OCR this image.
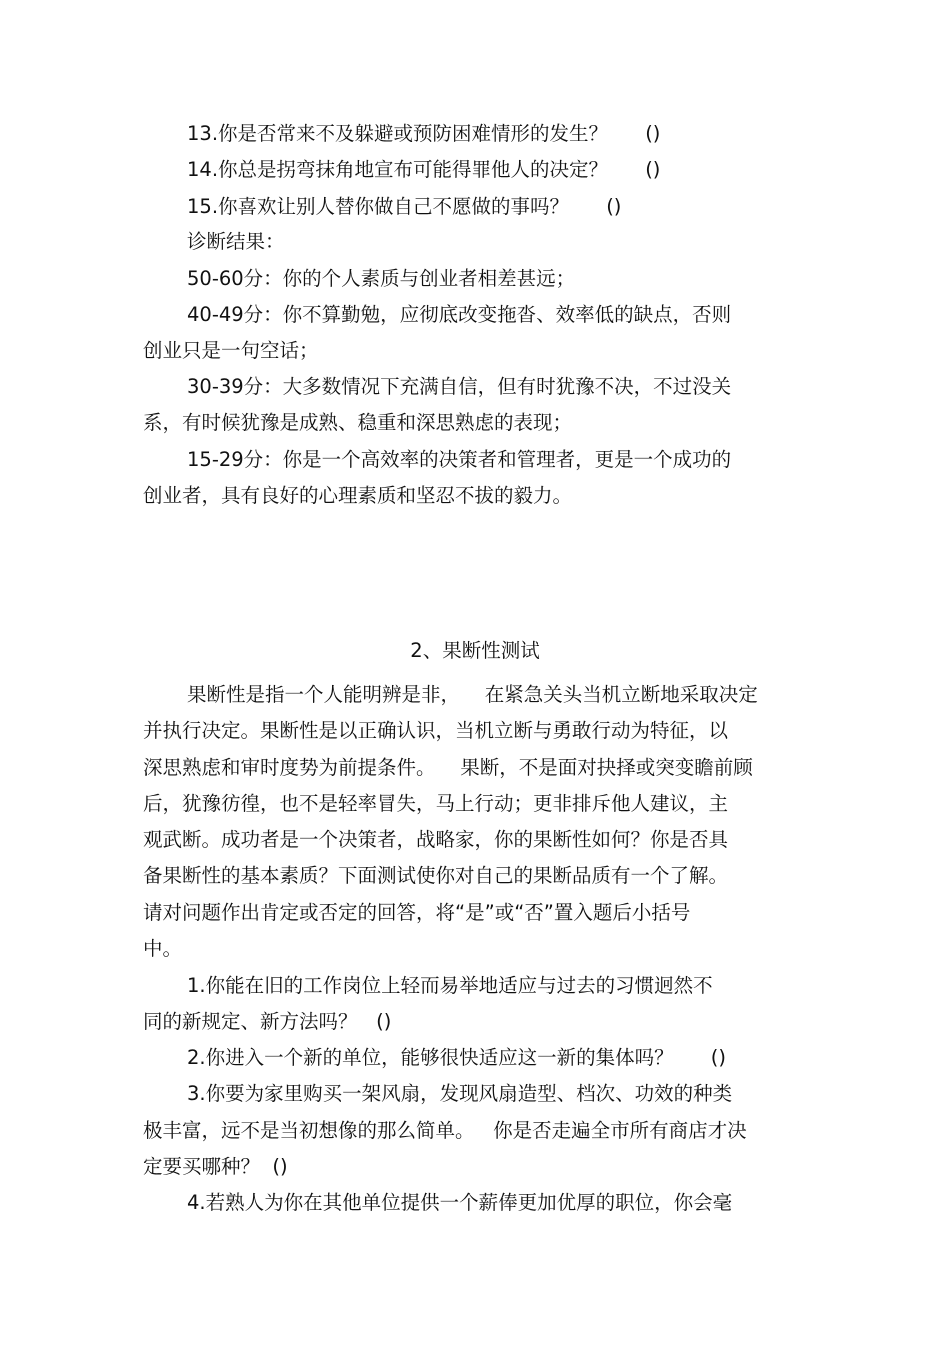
13.你是否常来不及躲避或预防困难情形的发生？      ()
14.你总是拐弯抹角地宣布可能得罪他人的决定？      ()
15.你喜欢让别人替你做自己不愿做的事吗？      ()
诊断结果：
50-60分：你的个人素质与创业者相差甚远；
40-49分：你不算勤勉，应彻底改变拖沓、效率低的缺点，否则
创业只是一句空话；
30-39分：大多数情况下充满自信，但有时犹豫不决，不过没关
系，有时候犹豫是成熟、稳重和深思熟虑的表现；
15-29分：你是一个高效率的决策者和管理者，更是一个成功的
创业者，具有良好的心理素质和坚忍不拔的毅力。
2、果断性测试
果断性是指一个人能明辨是非，    在紧急关头当机立断地采取决定
并执行决定。果断性是以正确认识，当机立断与勇敢行动为特征，以
深思熟虑和审时度势为前提条件。    果断，不是面对抉择或突变瞻前顾
后，犹豫彷徨，也不是轻率冒失，马上行动；更非排斥他人建议，主
观武断。成功者是一个决策者，战略家，你的果断性如何？你是否具
备果断性的基本素质？下面测试使你对自己的果断品质有一个了解。
请对问题作出肯定或否定的回答，将“是”或“否”置入题后小括号
中。
1.你能在旧的工作岗位上轻而易举地适应与过去的习惯迥然不
同的新规定、新方法吗？   ()
2.你进入一个新的单位，能够很快适应这一新的集体吗？      ()
3.你要为家里购买一架风扇，发现风扇造型、档次、功效的种类
极丰富，远不是当初想像的那么简单。   你是否走遍全市所有商店才决
定要买哪种？  ()
4.若熟人为你在其他单位提供一个薪俸更加优厚的职位，你会毫
